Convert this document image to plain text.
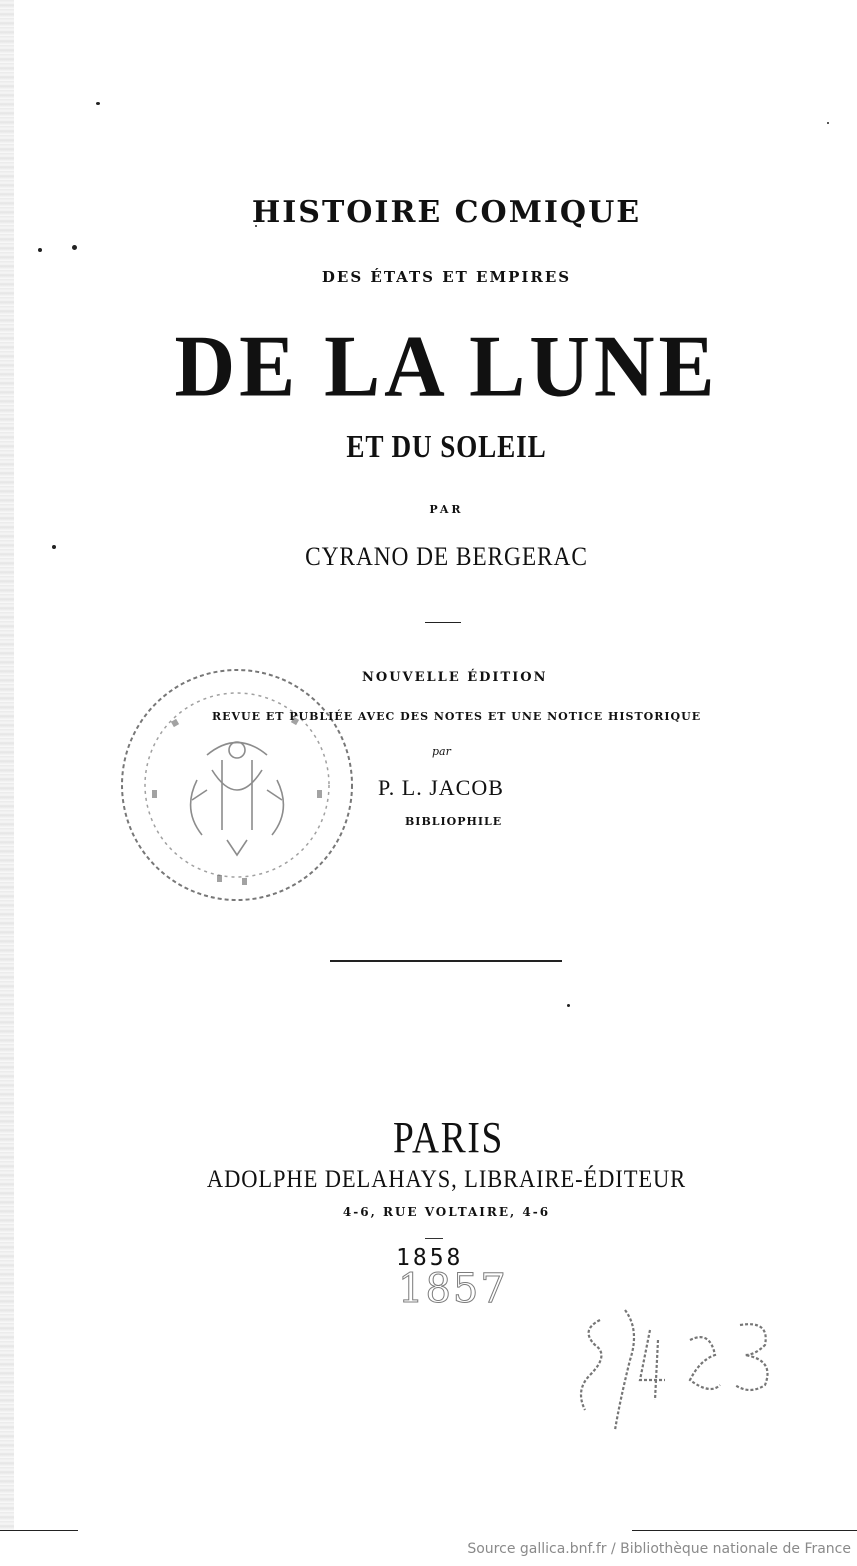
HISTOIRE COMIQUE
DES ÉTATS ET EMPIRES
DE LA LUNE
ET DU SOLEIL
PAR
CYRANO DE BERGERAC
NOUVELLE ÉDITION
REVUE ET PUBLIÉE AVEC DES NOTES ET UNE NOTICE HISTORIQUE
par
P. L. JACOB
BIBLIOPHILE
PARIS
ADOLPHE DELAHAYS, LIBRAIRE-ÉDITEUR
4-6, RUE VOLTAIRE, 4-6
1858
1857
Source gallica.bnf.fr / Bibliothèque nationale de France
